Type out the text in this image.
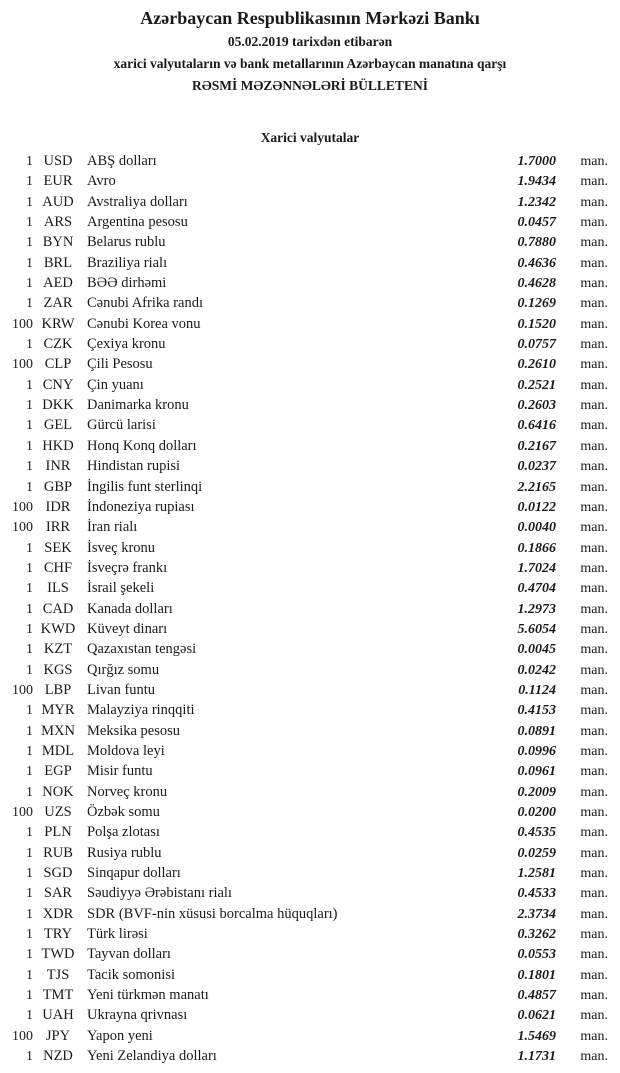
Azərbaycan Respublikasının Mərkəzi Bankı
05.02.2019 tarixdən etibarən
xarici valyutaların və bank metallarının Azərbaycan manatına qarşı
RƏSMİ MƏZƏNNƏLƏRİ BÜLLETENİ
Xarici valyutalar
1 USD	ABŞ dolları	1.7000	man.
1 EUR	Avro	1.9434	man.
1 AUD Avstraliya dolları	1.2342	man.
1 ARS	Argentina pesosu	0.0457	man.
1 BYN Belarus rublu	0.7880	man.
1 BRL	Braziliya rialı	0.4636	man.
1 AED BƏƏ dirhəmi	0.4628	man.
1 ZAR	Cənubi Afrika randı	0.1269	man.
100 KRW Cənubi Korea vonu	0.1520	man.
1 CZK	Çexiya kronu	0.0757	man.
100 CLP	Çili Pesosu	0.2610	man.
1 CNY Çin yuanı	0.2521	man.
1 DKK Danimarka kronu	0.2603	man.
1 GEL	Gürcü larisi	0.6416	man.
1 HKD Honq Konq dolları	0.2167	man.
1 INR	Hindistan rupisi	0.0237	man.
1 GBP	İngilis funt sterlinqi	2.2165	man.
100 IDR	İndoneziya rupiası	0.0122	man.
100 IRR	İran rialı	0.0040	man.
1 SEK	İsveç kronu	0.1866	man.
1 CHF	İsveçrə frankı	1.7024	man.
1 ILS	İsrail şekeli	0.4704	man.
1 CAD Kanada dolları	1.2973	man.
1 KWD Küveyt dinarı	5.6054	man.
1 KZT	Qazaxıstan tengəsi	0.0045	man.
1 KGS	Qırğız somu	0.0242	man.
100 LBP	Livan funtu	0.1124	man.
1 MYR Malayziya rinqqiti	0.4153	man.
1 MXN Meksika pesosu	0.0891	man.
1 MDL Moldova leyi	0.0996	man.
1 EGP	Misir funtu	0.0961	man.
1 NOK Norveç kronu	0.2009	man.
100 UZS	Özbək somu	0.0200	man.
1 PLN	Polşa zlotası	0.4535	man.
1 RUB Rusiya rublu	0.0259	man.
1 SGD	Sinqapur dolları	1.2581	man.
1 SAR	Səudiyyə Ərəbistanı rialı	0.4533	man.
1 XDR SDR (BVF-nin xüsusi borcalma hüquqları)	2.3734	man.
1 TRY	Türk lirəsi	0.3262	man.
1 TWD Tayvan dolları	0.0553	man.
1 TJS	Tacik somonisi	0.1801	man.
1 TMT Yeni türkmən manatı	0.4857	man.
1 UAH Ukrayna qrivnası	0.0621	man.
100 JPY	Yapon yeni	1.5469	man.
1 NZD Yeni Zelandiya dolları	1.1731	man.
